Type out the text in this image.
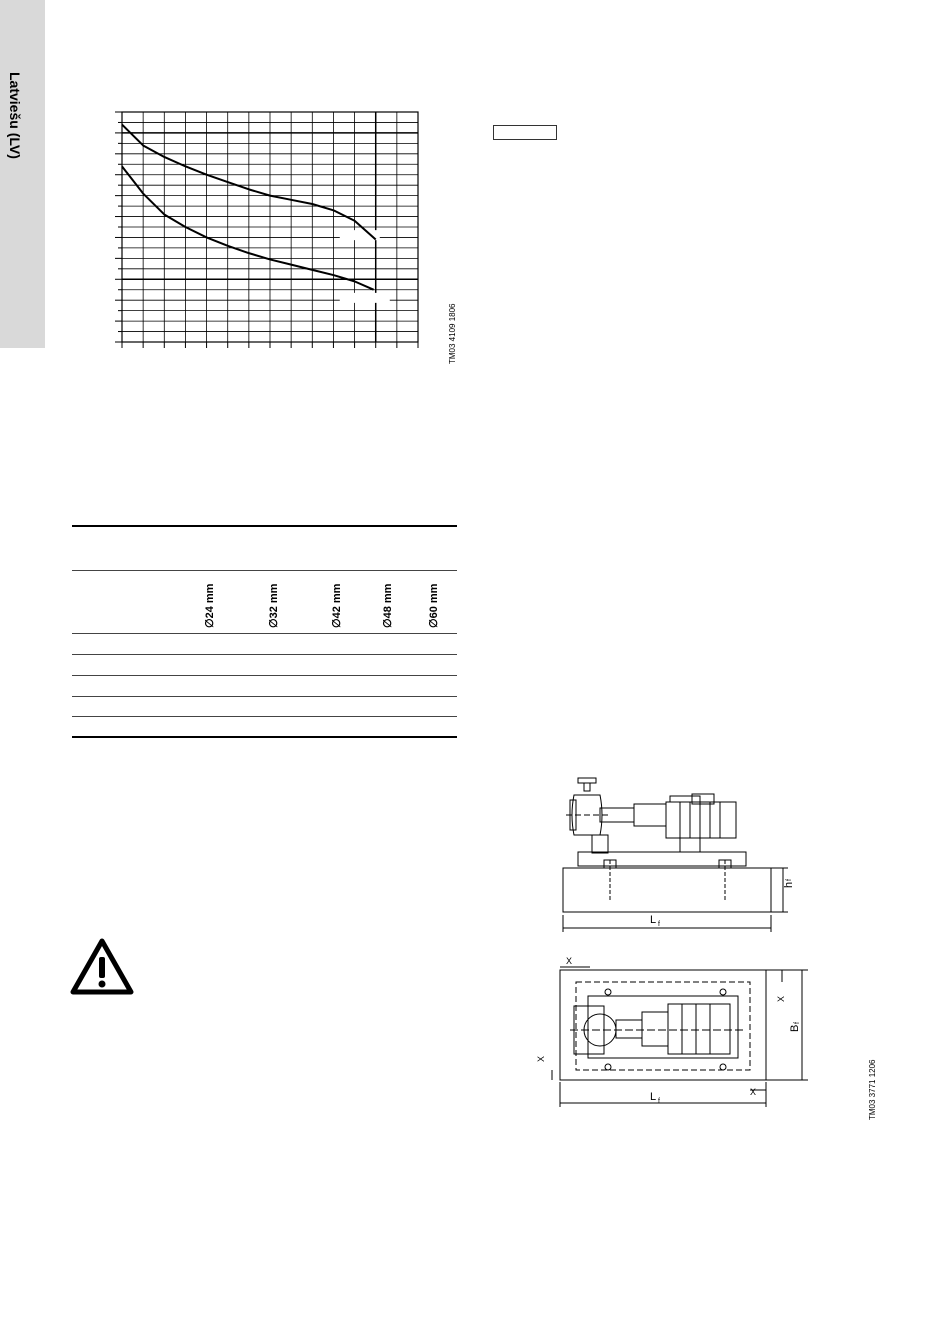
Latviešu (LV)
TM03 4109 1806
∅24 mm	∅32 mm	∅42 mm	∅48 mm	∅60 mm
L f
h
f
L f
B
f
X
X
X
X	TM03 3771 1206
